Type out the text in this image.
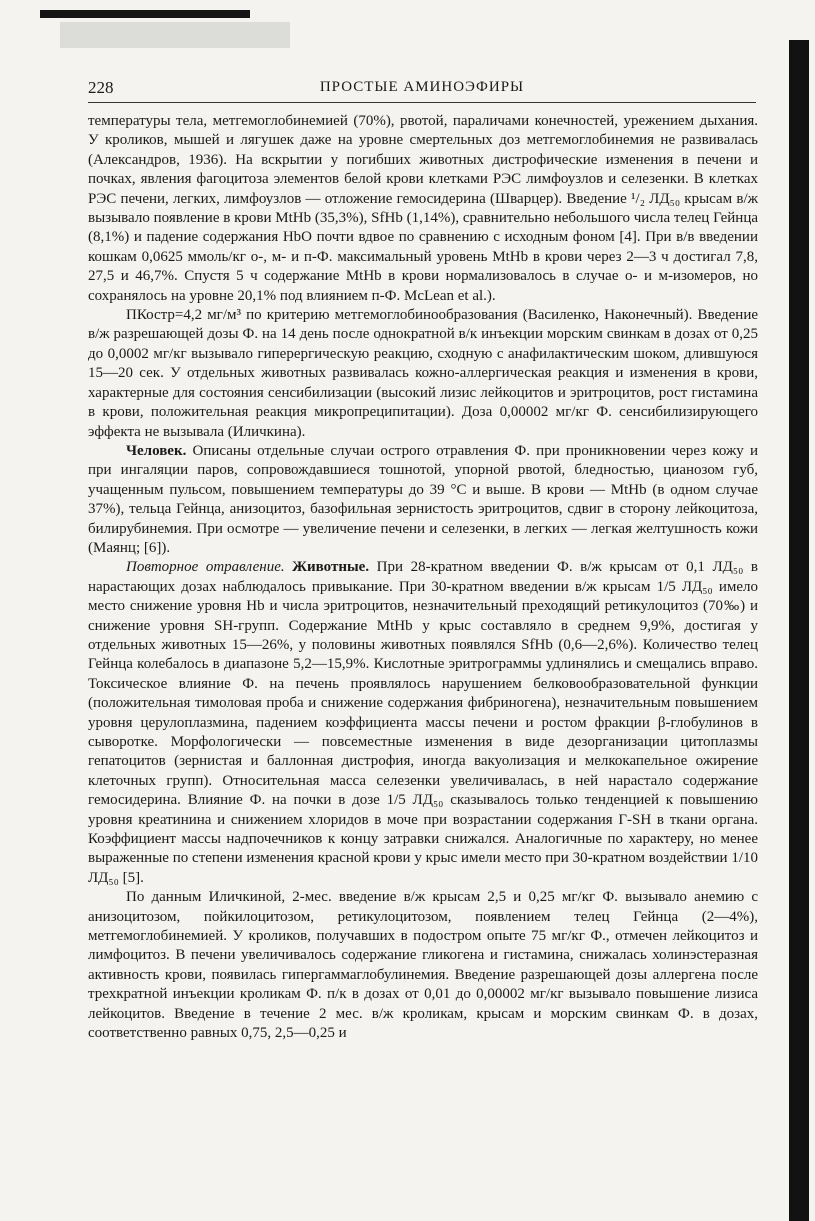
228	ПРОСТЫЕ АМИНОЭФИРЫ

температуры тела, метгемоглобинемией (70%), рвотой, параличами конечностей, урежением дыхания. У кроликов, мышей и лягушек даже на уровне смертельных доз метгемоглобинемия не развивалась (Александров, 1936). На вскрытии у погибших животных дистрофические изменения в печени и почках, явления фагоцитоза элементов белой крови клетками РЭС лимфоузлов и селезенки. В клетках РЭС печени, легких, лимфоузлов — отложение гемосидерина (Шварцер). Введение ¹/₂ ЛД₅₀ крысам в/ж вызывало появление в крови MtHb (35,3%), SfHb (1,14%), сравнительно небольшого числа телец Гейнца (8,1%) и падение содержания HbO почти вдвое по сравнению с исходным фоном [4]. При в/в введении кошкам 0,0625 ммоль/кг о-, м- и п-Ф. максимальный уровень MtHb в крови через 2—3 ч достигал 7,8, 27,5 и 46,7%. Спустя 5 ч содержание MtHb в крови нормализовалось в случае о- и м-изомеров, но сохранялось на уровне 20,1% под влиянием п-Ф. McLean et al.).

ПКостр=4,2 мг/м³ по критерию метгемоглобинообразования (Василенко, Наконечный). Введение в/ж разрешающей дозы Ф. на 14 день после однократной в/к инъекции морским свинкам в дозах от 0,25 до 0,0002 мг/кг вызывало гиперергическую реакцию, сходную с анафилактическим шоком, длившуюся 15—20 сек. У отдельных животных развивалась кожно-аллергическая реакция и изменения в крови, характерные для состояния сенсибилизации (высокий лизис лейкоцитов и эритроцитов, рост гистамина в крови, положительная реакция микропреципитации). Доза 0,00002 мг/кг Ф. сенсибилизирующего эффекта не вызывала (Иличкина).

Человек. Описаны отдельные случаи острого отравления Ф. при проникновении через кожу и при ингаляции паров, сопровождавшиеся тошнотой, упорной рвотой, бледностью, цианозом губ, учащенным пульсом, повышением температуры до 39 °С и выше. В крови — MtHb (в одном случае 37%), тельца Гейнца, анизоцитоз, базофильная зернистость эритроцитов, сдвиг в сторону лейкоцитоза, билирубинемия. При осмотре — увеличение печени и селезенки, в легких — легкая желтушность кожи (Маянц; [6]).

Повторное отравление. Животные. При 28-кратном введении Ф. в/ж крысам от 0,1 ЛД₅₀ в нарастающих дозах наблюдалось привыкание. При 30-кратном введении в/ж крысам 1/5 ЛД₅₀ имело место снижение уровня Hb и числа эритроцитов, незначительный преходящий ретикулоцитоз (70‰) и снижение уровня SH-групп. Содержание MtHb у крыс составляло в среднем 9,9%, достигая у отдельных животных 15—26%, у половины животных появлялся SfHb (0,6—2,6%). Количество телец Гейнца колебалось в диапазоне 5,2—15,9%. Кислотные эритрограммы удлинялись и смещались вправо. Токсическое влияние Ф. на печень проявлялось нарушением белковообразовательной функции (положительная тимоловая проба и снижение содержания фибриногена), незначительным повышением уровня церулоплазмина, падением коэффициента массы печени и ростом фракции β-глобулинов в сыворотке. Морфологически — повсеместные изменения в виде дезорганизации цитоплазмы гепатоцитов (зернистая и баллонная дистрофия, иногда вакуолизация и мелкокапельное ожирение клеточных групп). Относительная масса селезенки увеличивалась, в ней нарастало содержание гемосидерина. Влияние Ф. на почки в дозе 1/5 ЛД₅₀ сказывалось только тенденцией к повышению уровня креатинина и снижением хлоридов в моче при возрастании содержания Г-SH в ткани органа. Коэффициент массы надпочечников к концу затравки снижался. Аналогичные по характеру, но менее выраженные по степени изменения красной крови у крыс имели место при 30-кратном воздействии 1/10 ЛД₅₀ [5].

По данным Иличкиной, 2-мес. введение в/ж крысам 2,5 и 0,25 мг/кг Ф. вызывало анемию с анизоцитозом, пойкилоцитозом, ретикулоцитозом, появлением телец Гейнца (2—4%), метгемоглобинемией. У кроликов, получавших в подостром опыте 75 мг/кг Ф., отмечен лейкоцитоз и лимфоцитоз. В печени увеличивалось содержание гликогена и гистамина, снижалась холинэстеразная активность крови, появилась гипергаммаглобулинемия. Введение разрешающей дозы аллергена после трехкратной инъекции кроликам Ф. п/к в дозах от 0,01 до 0,00002 мг/кг вызывало повышение лизиса лейкоцитов. Введение в течение 2 мес. в/ж кроликам, крысам и морским свинкам Ф. в дозах, соответственно равных 0,75, 2,5—0,25 и
